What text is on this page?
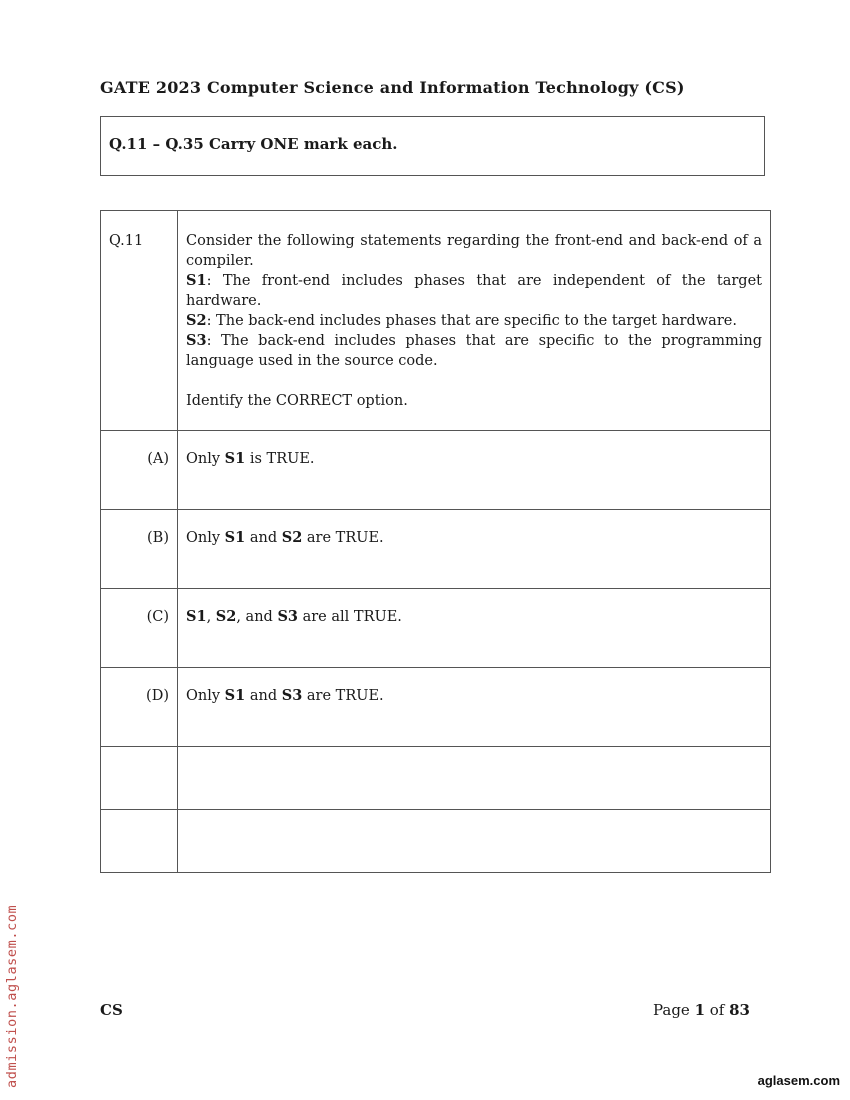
GATE 2023 Computer Science and Information Technology (CS)
Q.11 – Q.35 Carry ONE mark each.
Q.11	Consider the following statements regarding the front-end and back-end of a compiler.

S1: The front-end includes phases that are independent of the target hardware.

S2: The back-end includes phases that are specific to the target hardware.

S3: The back-end includes phases that are specific to the programming language used in the source code.

Identify the CORRECT option.

(A)	Only S1 is TRUE.
(B)	Only S1 and S2 are TRUE.
(C)	S1, S2, and S3 are all TRUE.
(D)	Only S1 and S3 are TRUE.

CS	Page 1 of 83
admission.aglasem.com	aglasem.com
